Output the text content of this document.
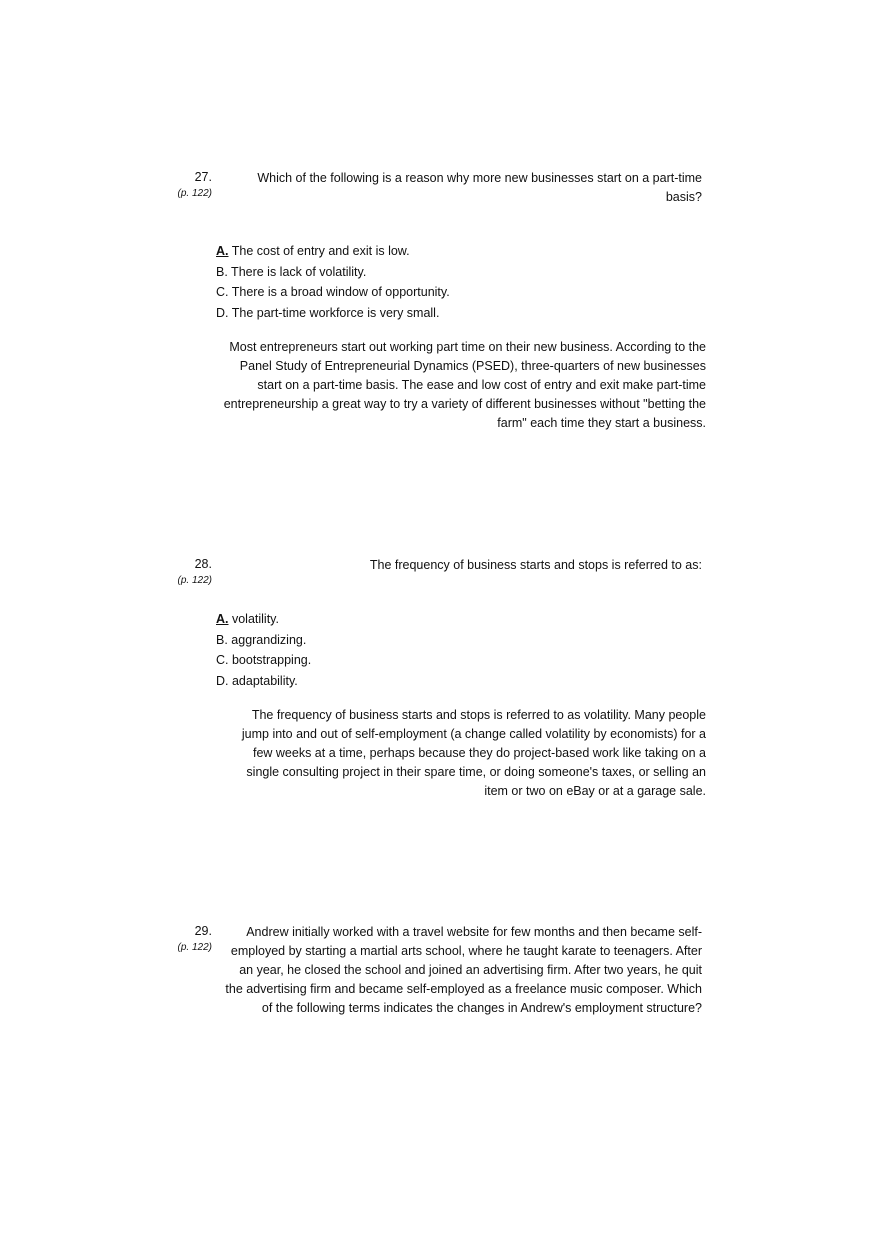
27.
(p. 122)
Which of the following is a reason why more new businesses start on a part-time
basis?
A. The cost of entry and exit is low.
B. There is lack of volatility.
C. There is a broad window of opportunity.
D. The part-time workforce is very small.
Most entrepreneurs start out working part time on their new business. According to the
Panel Study of Entrepreneurial Dynamics (PSED), three-quarters of new businesses
start on a part-time basis. The ease and low cost of entry and exit make part-time
entrepreneurship a great way to try a variety of different businesses without "betting the
farm" each time they start a business.
28.
(p. 122)
The frequency of business starts and stops is referred to as:
A. volatility.
B. aggrandizing.
C. bootstrapping.
D. adaptability.
The frequency of business starts and stops is referred to as volatility. Many people
jump into and out of self-employment (a change called volatility by economists) for a
few weeks at a time, perhaps because they do project-based work like taking on a
single consulting project in their spare time, or doing someone's taxes, or selling an
item or two on eBay or at a garage sale.
29.
(p. 122)
Andrew initially worked with a travel website for few months and then became self-
employed by starting a martial arts school, where he taught karate to teenagers. After
an year, he closed the school and joined an advertising firm. After two years, he quit
the advertising firm and became self-employed as a freelance music composer. Which
of the following terms indicates the changes in Andrew's employment structure?
